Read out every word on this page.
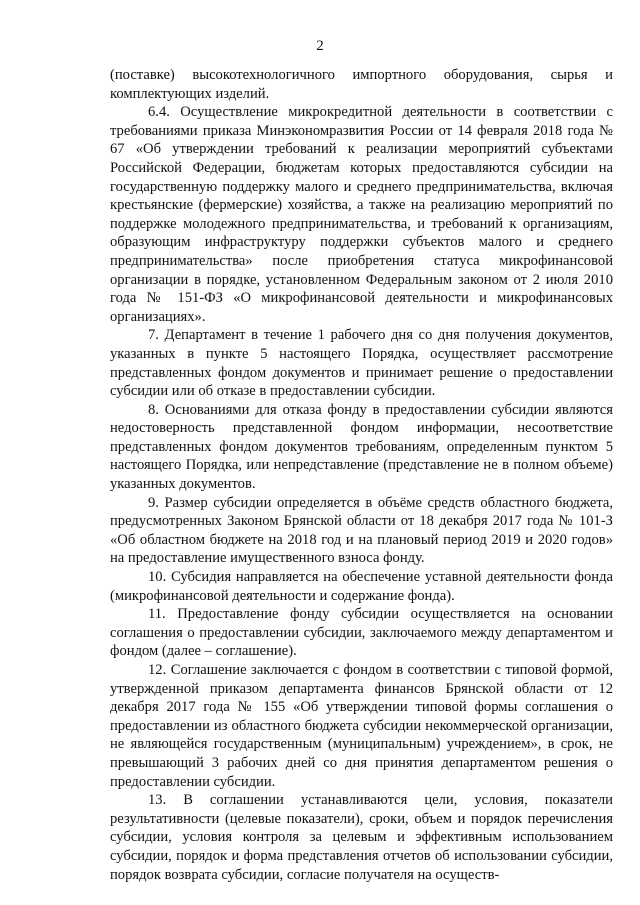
2

(поставке) высокотехнологичного импортного оборудования, сырья и комплектующих изделий.

6.4. Осуществление микрокредитной деятельности в соответствии с требованиями приказа Минэкономразвития России от 14 февраля 2018 года № 67 «Об утверждении требований к реализации мероприятий субъектами Российской Федерации, бюджетам которых предоставляются субсидии на государственную поддержку малого и среднего предпринимательства, включая крестьянские (фермерские) хозяйства, а также на реализацию мероприятий по поддержке молодежного предпринимательства, и требований к организациям, образующим инфраструктуру поддержки субъектов малого и среднего предпринимательства» после приобретения статуса микрофинансовой организации в порядке, установленном Федеральным законом от 2 июля 2010 года № 151-ФЗ «О микрофинансовой деятельности и микрофинансовых организациях».

7. Департамент в течение 1 рабочего дня со дня получения документов, указанных в пункте 5 настоящего Порядка, осуществляет рассмотрение представленных фондом документов и принимает решение о предоставлении субсидии или об отказе в предоставлении субсидии.

8. Основаниями для отказа фонду в предоставлении субсидии являются недостоверность представленной фондом информации, несоответствие представленных фондом документов требованиям, определенным пунктом 5 настоящего Порядка, или непредставление (представление не в полном объеме) указанных документов.

9. Размер субсидии определяется в объёме средств областного бюджета, предусмотренных Законом Брянской области от 18 декабря 2017 года № 101-З «Об областном бюджете на 2018 год и на плановый период 2019 и 2020 годов» на предоставление имущественного взноса фонду.

10. Субсидия направляется на обеспечение уставной деятельности фонда (микрофинансовой деятельности и содержание фонда).

11. Предоставление фонду субсидии осуществляется на основании соглашения о предоставлении субсидии, заключаемого между департаментом и фондом (далее – соглашение).

12. Соглашение заключается с фондом в соответствии с типовой формой, утвержденной приказом департамента финансов Брянской области от 12 декабря 2017 года № 155 «Об утверждении типовой формы соглашения о предоставлении из областного бюджета субсидии некоммерческой организации, не являющейся государственным (муниципальным) учреждением», в срок, не превышающий 3 рабочих дней со дня принятия департаментом решения о предоставлении субсидии.

13. В соглашении устанавливаются цели, условия, показатели результативности (целевые показатели), сроки, объем и порядок перечисления субсидии, условия контроля за целевым и эффективным использованием субсидии, порядок и форма представления отчетов об использовании субсидии, порядок возврата субсидии, согласие получателя на осуществ-
